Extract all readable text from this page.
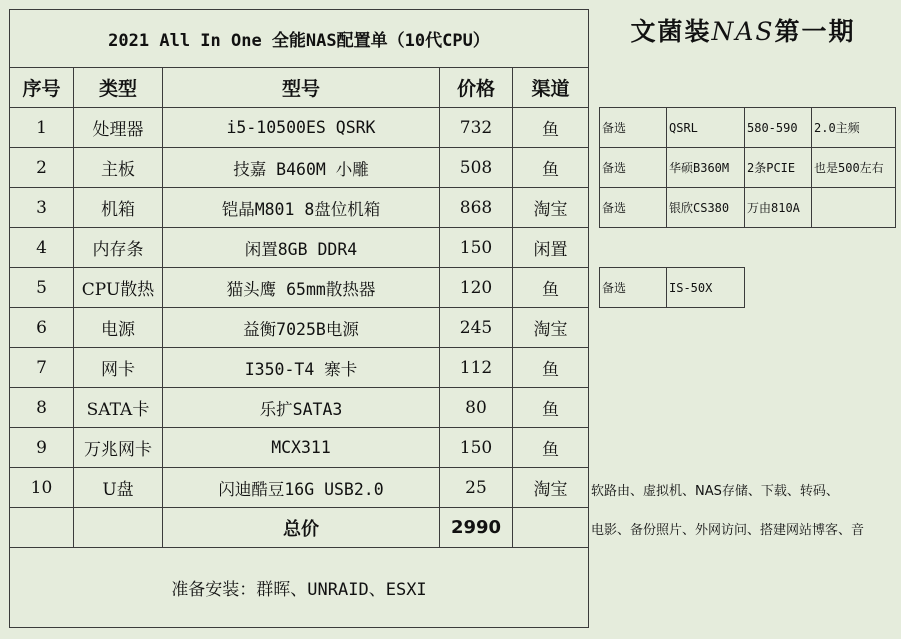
2021 All In One 全能NAS配置单（10代CPU）				
序号	类型	型号	价格	渠道
1	处理器	i5-10500ES QSRK	732	鱼
2	主板	技嘉 B460M 小雕	508	鱼
3	机箱	铠晶M801 8盘位机箱	868	淘宝
4	内存条	闲置8GB DDR4	150	闲置
5	CPU散热	猫头鹰 65mm散热器	120	鱼
6	电源	益衡7025B电源	245	淘宝
7	网卡	I350-T4 寨卡	112	鱼
8	SATA卡	乐扩SATA3	80	鱼
9	万兆网卡	MCX311	150	鱼
10	U盘	闪迪酷豆16G USB2.0	25	淘宝
		总价	2990	
准备安装：群晖、UNRAID、ESXI				
文菌装NAS第一期
备选	QSRL	580-590	2.0主频
备选	华硕B360M	2条PCIE	也是500左右
备选	银欣CS380	万由810A	
备选	IS-50X
软路由、虚拟机、NAS存储、下载、转码、
电影、备份照片、外网访问、搭建网站博客、音
